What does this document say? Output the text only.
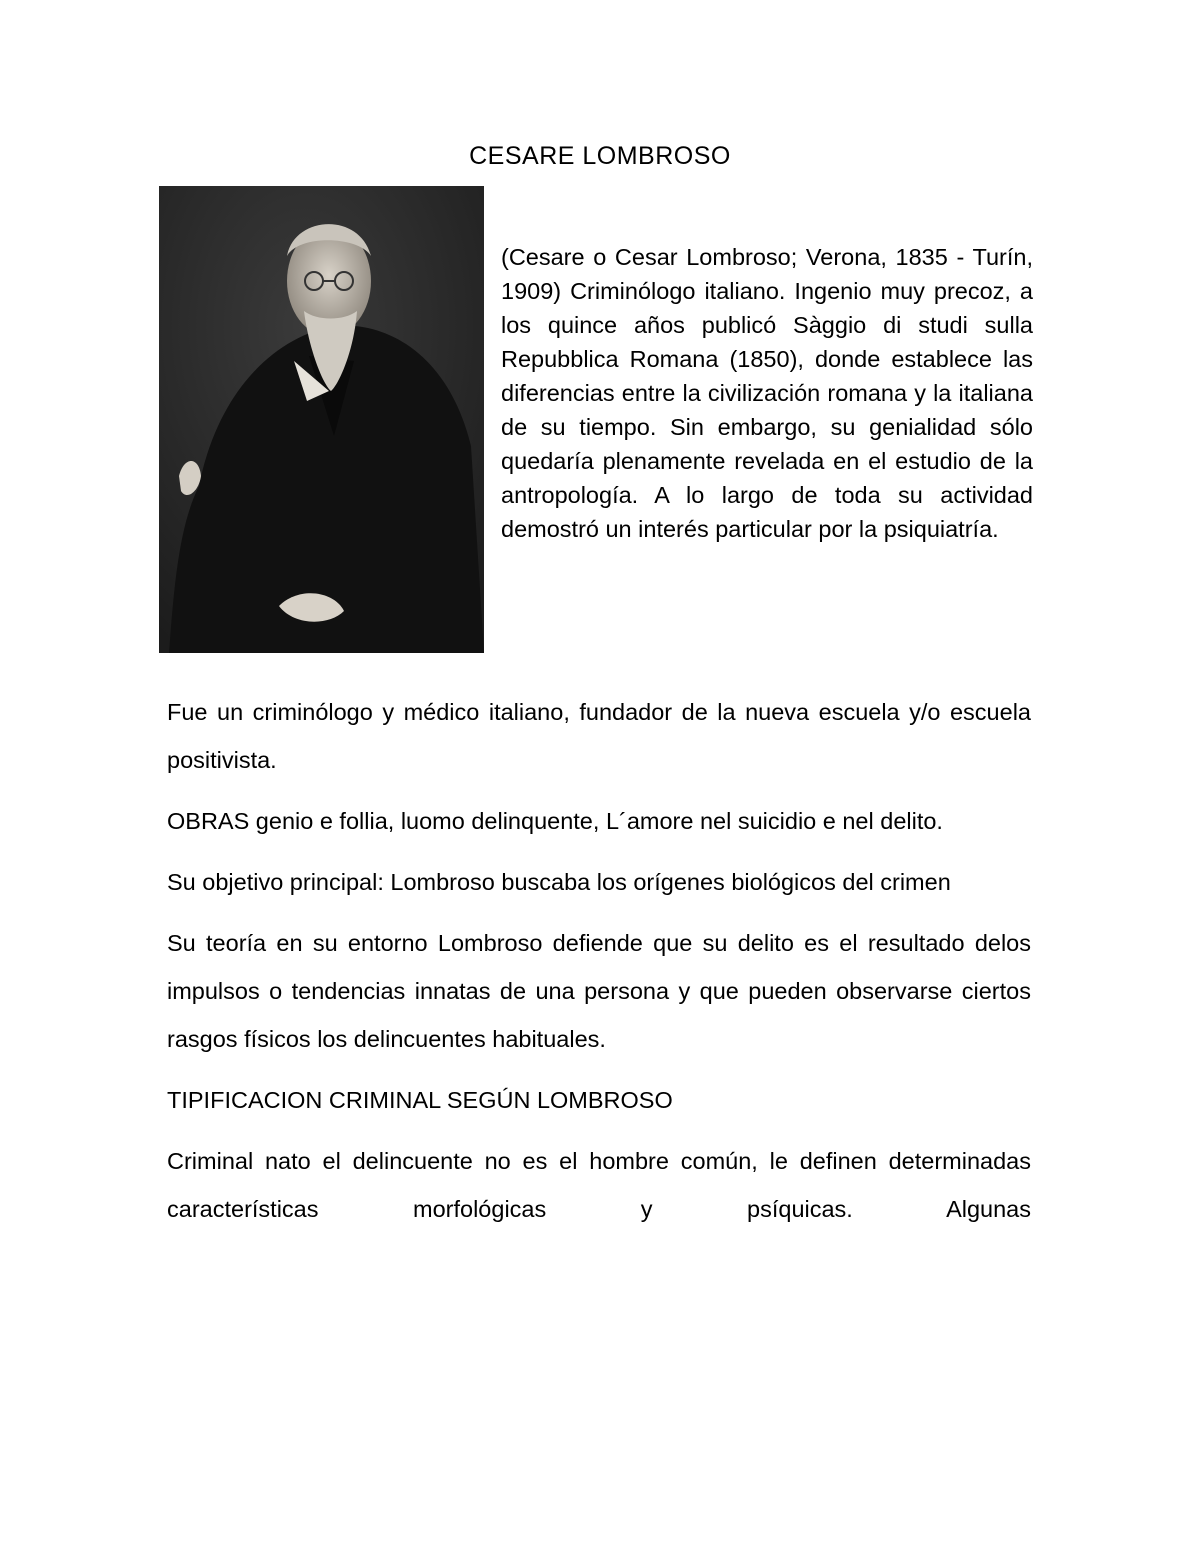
CESARE LOMBROSO
(Cesare o Cesar Lombroso; Verona, 1835 - Turín, 1909) Criminólogo italiano. Ingenio muy precoz, a los quince años publicó Sàggio di studi sulla Repubblica Romana (1850), donde establece las diferencias entre la civilización romana y la italiana de su tiempo. Sin embargo, su genialidad sólo quedaría plenamente revelada en el estudio de la antropología. A lo largo de toda su actividad demostró un interés particular por la psiquiatría.

Fue un criminólogo y médico italiano, fundador de la nueva escuela y/o escuela positivista.

OBRAS genio e follia, luomo delinquente, L´amore nel suicidio e nel delito.

Su objetivo principal: Lombroso buscaba los orígenes biológicos del crimen

Su teoría en su entorno Lombroso defiende que su delito es el resultado delos impulsos o tendencias innatas de una persona y que pueden observarse ciertos rasgos físicos los delincuentes habituales.

TIPIFICACION CRIMINAL SEGÚN LOMBROSO

Criminal nato el delincuente no es el hombre común, le definen determinadas características morfológicas y psíquicas. Algunas
